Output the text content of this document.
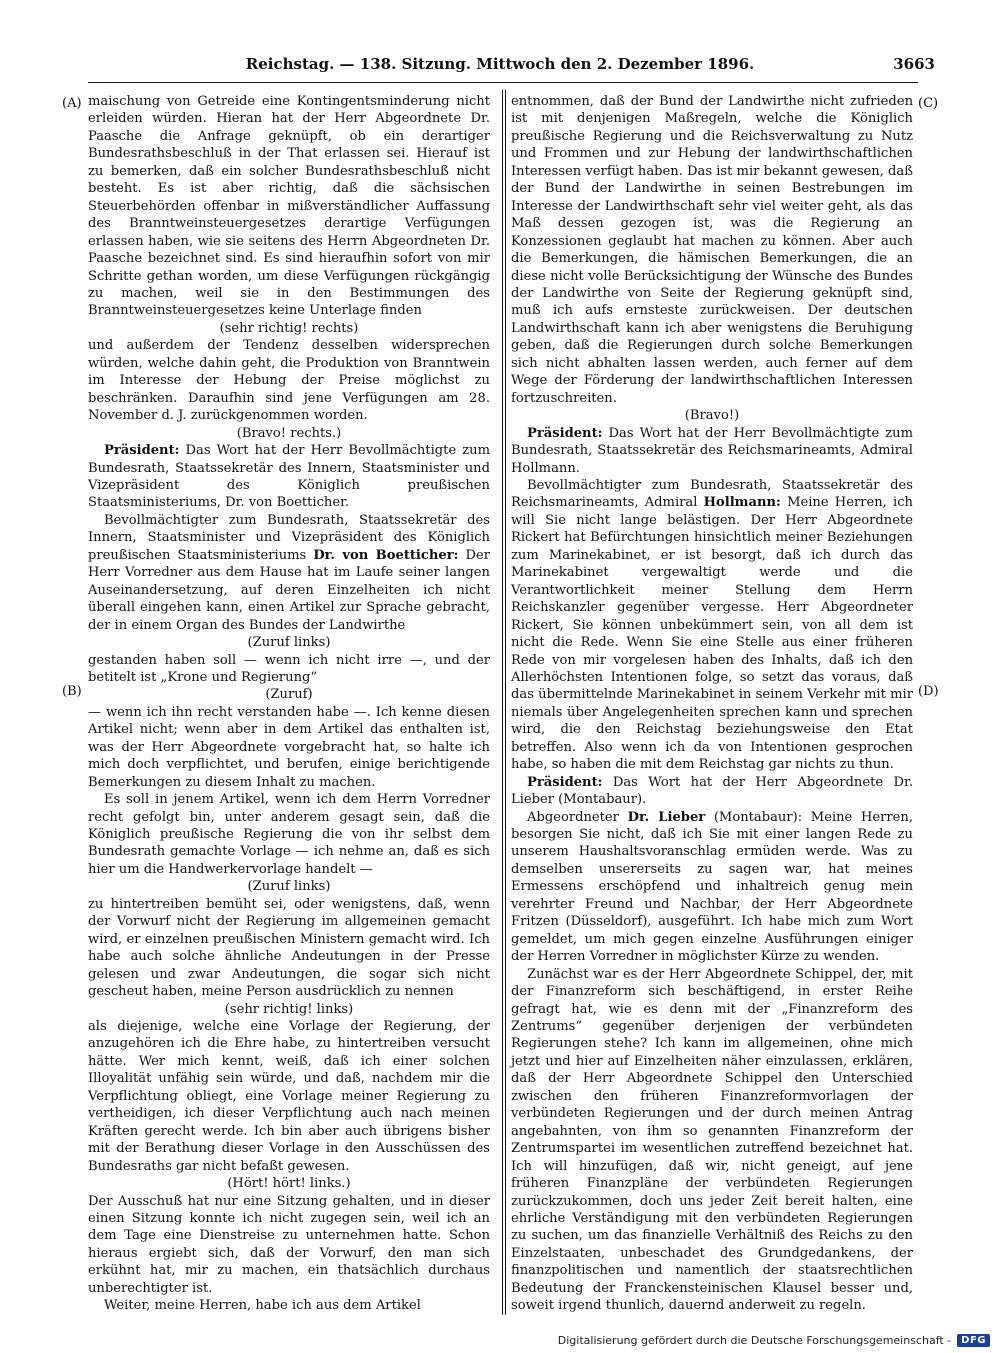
Reichstag. — 138. Sitzung. Mittwoch den 2. Dezember 1896.	3663
(A)
(B)
(C)
(D)

maischung von Getreide eine Kontingentsminderung nicht erleiden würden. Hieran hat der Herr Abgeordnete Dr. Paasche die Anfrage geknüpft, ob ein derartiger Bundesrathsbeschluß in der That erlassen sei. Hierauf ist zu bemerken, daß ein solcher Bundesrathsbeschluß nicht besteht. Es ist aber richtig, daß die sächsischen Steuerbehörden offenbar in mißverständlicher Auffassung des Branntweinsteuergesetzes derartige Verfügungen erlassen haben, wie sie seitens des Herrn Abgeordneten Dr. Paasche bezeichnet sind. Es sind hieraufhin sofort von mir Schritte gethan worden, um diese Verfügungen rückgängig zu machen, weil sie in den Bestimmungen des Branntweinsteuergesetzes keine Unterlage finden

(sehr richtig! rechts)

und außerdem der Tendenz desselben widersprechen würden, welche dahin geht, die Produktion von Branntwein im Interesse der Hebung der Preise möglichst zu beschränken. Daraufhin sind jene Verfügungen am 28. November d. J. zurückgenommen worden.

(Bravo! rechts.)

Präsident: Das Wort hat der Herr Bevollmächtigte zum Bundesrath, Staatssekretär des Innern, Staatsminister und Vizepräsident des Königlich preußischen Staatsministeriums, Dr. von Boetticher.

Bevollmächtigter zum Bundesrath, Staatssekretär des Innern, Staatsminister und Vizepräsident des Königlich preußischen Staatsministeriums Dr. von Boetticher: Der Herr Vorredner aus dem Hause hat im Laufe seiner langen Auseinandersetzung, auf deren Einzelheiten ich nicht überall eingehen kann, einen Artikel zur Sprache gebracht, der in einem Organ des Bundes der Landwirthe

(Zuruf links)

gestanden haben soll — wenn ich nicht irre —, und der betitelt ist „Krone und Regierung“

(Zuruf)

— wenn ich ihn recht verstanden habe —. Ich kenne diesen Artikel nicht; wenn aber in dem Artikel das enthalten ist, was der Herr Abgeordnete vorgebracht hat, so halte ich mich doch verpflichtet, und berufen, einige berichtigende Bemerkungen zu diesem Inhalt zu machen.

Es soll in jenem Artikel, wenn ich dem Herrn Vorredner recht gefolgt bin, unter anderem gesagt sein, daß die Königlich preußische Regierung die von ihr selbst dem Bundesrath gemachte Vorlage — ich nehme an, daß es sich hier um die Handwerkervorlage handelt —

(Zuruf links)

zu hintertreiben bemüht sei, oder wenigstens, daß, wenn der Vorwurf nicht der Regierung im allgemeinen gemacht wird, er einzelnen preußischen Ministern gemacht wird. Ich habe auch solche ähnliche Andeutungen in der Presse gelesen und zwar Andeutungen, die sogar sich nicht gescheut haben, meine Person ausdrücklich zu nennen

(sehr richtig! links)

als diejenige, welche eine Vorlage der Regierung, der anzugehören ich die Ehre habe, zu hintertreiben versucht hätte. Wer mich kennt, weiß, daß ich einer solchen Illoyalität unfähig sein würde, und daß, nachdem mir die Verpflichtung obliegt, eine Vorlage meiner Regierung zu vertheidigen, ich dieser Verpflichtung auch nach meinen Kräften gerecht werde. Ich bin aber auch übrigens bisher mit der Berathung dieser Vorlage in den Ausschüssen des Bundesraths gar nicht befaßt gewesen.

(Hört! hört! links.)

Der Ausschuß hat nur eine Sitzung gehalten, und in dieser einen Sitzung konnte ich nicht zugegen sein, weil ich an dem Tage eine Dienstreise zu unternehmen hatte. Schon hieraus ergiebt sich, daß der Vorwurf, den man sich erkühnt hat, mir zu machen, ein thatsächlich durchaus unberechtigter ist.

Weiter, meine Herren, habe ich aus dem Artikel

entnommen, daß der Bund der Landwirthe nicht zufrieden ist mit denjenigen Maßregeln, welche die Königlich preußische Regierung und die Reichsverwaltung zu Nutz und Frommen und zur Hebung der landwirthschaftlichen Interessen verfügt haben. Das ist mir bekannt gewesen, daß der Bund der Landwirthe in seinen Bestrebungen im Interesse der Landwirthschaft sehr viel weiter geht, als das Maß dessen gezogen ist, was die Regierung an Konzessionen geglaubt hat machen zu können. Aber auch die Bemerkungen, die hämischen Bemerkungen, die an diese nicht volle Berücksichtigung der Wünsche des Bundes der Landwirthe von Seite der Regierung geknüpft sind, muß ich aufs ernsteste zurückweisen. Der deutschen Landwirthschaft kann ich aber wenigstens die Beruhigung geben, daß die Regierungen durch solche Bemerkungen sich nicht abhalten lassen werden, auch ferner auf dem Wege der Förderung der landwirthschaftlichen Interessen fortzuschreiten.

(Bravo!)

Präsident: Das Wort hat der Herr Bevollmächtigte zum Bundesrath, Staatssekretär des Reichsmarineamts, Admiral Hollmann.

Bevollmächtigter zum Bundesrath, Staatssekretär des Reichsmarineamts, Admiral Hollmann: Meine Herren, ich will Sie nicht lange belästigen. Der Herr Abgeordnete Rickert hat Befürchtungen hinsichtlich meiner Beziehungen zum Marinekabinet, er ist besorgt, daß ich durch das Marinekabinet vergewaltigt werde und die Verantwortlichkeit meiner Stellung dem Herrn Reichskanzler gegenüber vergesse. Herr Abgeordneter Rickert, Sie können unbekümmert sein, von all dem ist nicht die Rede. Wenn Sie eine Stelle aus einer früheren Rede von mir vorgelesen haben des Inhalts, daß ich den Allerhöchsten Intentionen folge, so setzt das voraus, daß das übermittelnde Marinekabinet in seinem Verkehr mit mir niemals über Angelegenheiten sprechen kann und sprechen wird, die den Reichstag beziehungsweise den Etat betreffen. Also wenn ich da von Intentionen gesprochen habe, so haben die mit dem Reichstag gar nichts zu thun.

Präsident: Das Wort hat der Herr Abgeordnete Dr. Lieber (Montabaur).

Abgeordneter Dr. Lieber (Montabaur): Meine Herren, besorgen Sie nicht, daß ich Sie mit einer langen Rede zu unserem Haushaltsvoranschlag ermüden werde. Was zu demselben unsererseits zu sagen war, hat meines Ermessens erschöpfend und inhaltreich genug mein verehrter Freund und Nachbar, der Herr Abgeordnete Fritzen (Düsseldorf), ausgeführt. Ich habe mich zum Wort gemeldet, um mich gegen einzelne Ausführungen einiger der Herren Vorredner in möglichster Kürze zu wenden.

Zunächst war es der Herr Abgeordnete Schippel, der, mit der Finanzreform sich beschäftigend, in erster Reihe gefragt hat, wie es denn mit der „Finanzreform des Zentrums“ gegenüber derjenigen der verbündeten Regierungen stehe? Ich kann im allgemeinen, ohne mich jetzt und hier auf Einzelheiten näher einzulassen, erklären, daß der Herr Abgeordnete Schippel den Unterschied zwischen den früheren Finanzreformvorlagen der verbündeten Regierungen und der durch meinen Antrag angebahnten, von ihm so genannten Finanzreform der Zentrumspartei im wesentlichen zutreffend bezeichnet hat. Ich will hinzufügen, daß wir, nicht geneigt, auf jene früheren Finanzpläne der verbündeten Regierungen zurückzukommen, doch uns jeder Zeit bereit halten, eine ehrliche Verständigung mit den verbündeten Regierungen zu suchen, um das finanzielle Verhältniß des Reichs zu den Einzelstaaten, unbeschadet des Grundgedankens, der finanzpolitischen und namentlich der staatsrechtlichen Bedeutung der Franckensteinischen Klausel besser und, soweit irgend thunlich, dauernd anderweit zu regeln.

Digitalisierung gefördert durch die Deutsche Forschungsgemeinschaft -	DFG
